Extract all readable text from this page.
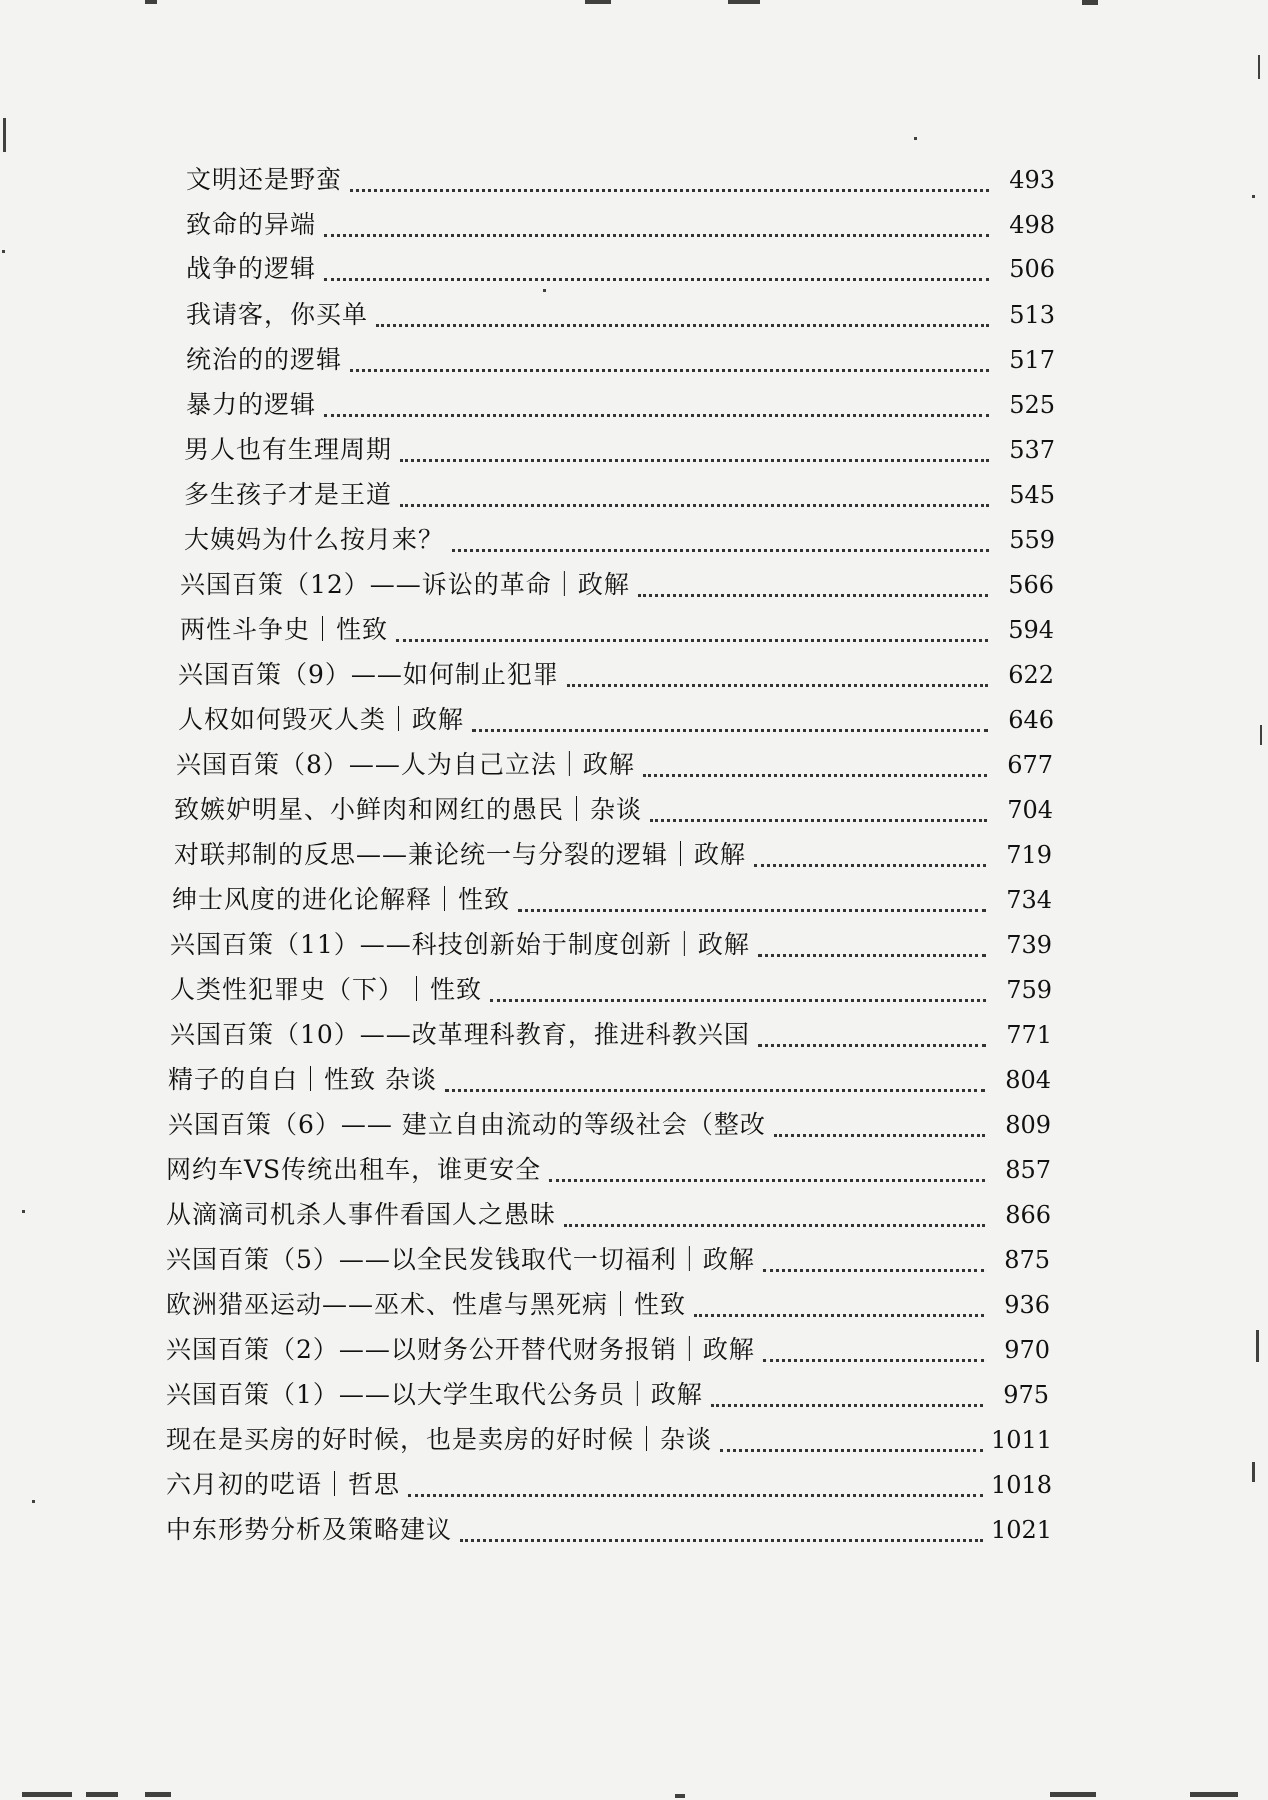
文明还是野蛮	493
致命的异端	498
战争的逻辑	506
我请客，你买单	513
统治的的逻辑	517
暴力的逻辑	525
男人也有生理周期	537
多生孩子才是王道	545
大姨妈为什么按月来？	559
兴国百策（12）——诉讼的革命｜政解	566
两性斗争史｜性致	594
兴国百策（9）——如何制止犯罪	622
人权如何毁灭人类｜政解	646
兴国百策（8）——人为自己立法｜政解	677
致嫉妒明星、小鲜肉和网红的愚民｜杂谈	704
对联邦制的反思——兼论统一与分裂的逻辑｜政解	719
绅士风度的进化论解释｜性致	734
兴国百策（11）——科技创新始于制度创新｜政解	739
人类性犯罪史（下）｜性致	759
兴国百策（10）——改革理科教育，推进科教兴国	771
精子的自白｜性致 杂谈	804
兴国百策（6）—— 建立自由流动的等级社会（整改	809
网约车VS传统出租车，谁更安全	857
从滴滴司机杀人事件看国人之愚昧	866
兴国百策（5）——以全民发钱取代一切福利｜政解	875
欧洲猎巫运动——巫术、性虐与黑死病｜性致	936
兴国百策（2）——以财务公开替代财务报销｜政解	970
兴国百策（1）——以大学生取代公务员｜政解	975
现在是买房的好时候，也是卖房的好时候｜杂谈	1011
六月初的呓语｜哲思	1018
中东形势分析及策略建议	1021
